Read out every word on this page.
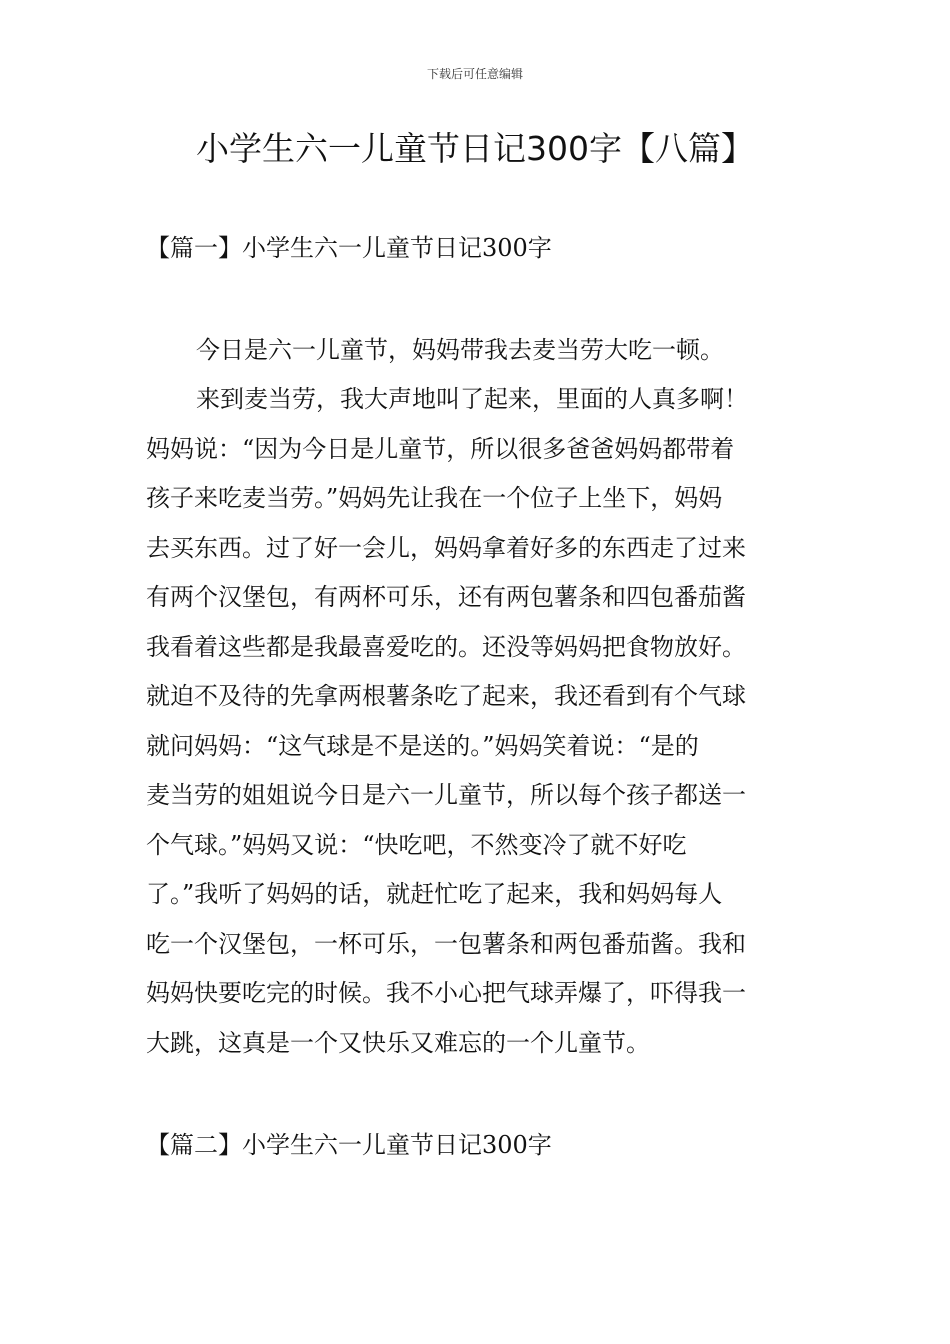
下载后可任意编辑
小学生六一儿童节日记300字【八篇】
【篇一】小学生六一儿童节日记300字
今日是六一儿童节，妈妈带我去麦当劳大吃一顿。
来到麦当劳，我大声地叫了起来，里面的人真多啊！
妈妈说：“因为今日是儿童节，所以很多爸爸妈妈都带着
孩子来吃麦当劳。”妈妈先让我在一个位子上坐下，妈妈
去买东西。过了好一会儿，妈妈拿着好多的东西走了过来
有两个汉堡包，有两杯可乐，还有两包薯条和四包番茄酱
我看着这些都是我最喜爱吃的。还没等妈妈把食物放好。
就迫不及待的先拿两根薯条吃了起来，我还看到有个气球
就问妈妈：“这气球是不是送的。”妈妈笑着说：“是的
麦当劳的姐姐说今日是六一儿童节，所以每个孩子都送一
个气球。”妈妈又说：“快吃吧，不然变冷了就不好吃
了。”我听了妈妈的话，就赶忙吃了起来，我和妈妈每人
吃一个汉堡包，一杯可乐，一包薯条和两包番茄酱。我和
妈妈快要吃完的时候。我不小心把气球弄爆了，吓得我一
大跳，这真是一个又快乐又难忘的一个儿童节。
【篇二】小学生六一儿童节日记300字
